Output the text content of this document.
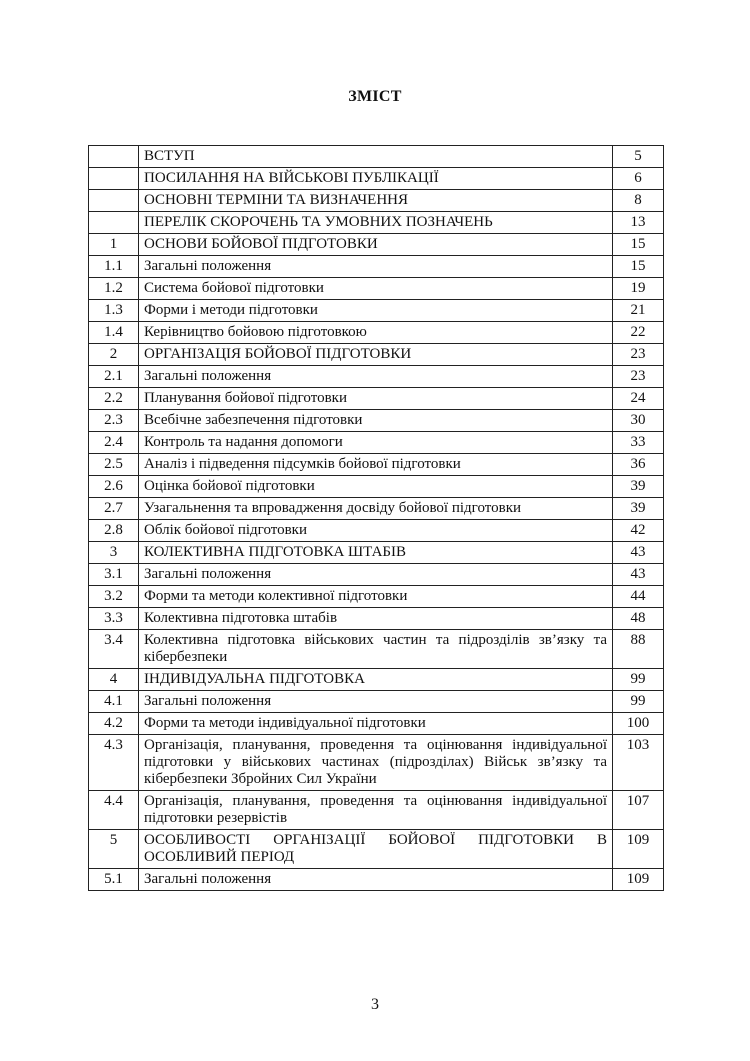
ЗМІСТ
	ВСТУП	5
	ПОСИЛАННЯ НА ВІЙСЬКОВІ ПУБЛІКАЦІЇ	6
	ОСНОВНІ ТЕРМІНИ ТА ВИЗНАЧЕННЯ	8
	ПЕРЕЛІК СКОРОЧЕНЬ ТА УМОВНИХ ПОЗНАЧЕНЬ	13
1	ОСНОВИ БОЙОВОЇ ПІДГОТОВКИ	15
1.1	Загальні положення	15
1.2	Система бойової підготовки	19
1.3	Форми і методи підготовки	21
1.4	Керівництво бойовою підготовкою	22
2	ОРГАНІЗАЦІЯ БОЙОВОЇ ПІДГОТОВКИ	23
2.1	Загальні положення	23
2.2	Планування бойової підготовки	24
2.3	Всебічне забезпечення підготовки	30
2.4	Контроль та надання допомоги	33
2.5	Аналіз і підведення підсумків бойової підготовки	36
2.6	Оцінка бойової підготовки	39
2.7	Узагальнення та впровадження досвіду бойової підготовки	39
2.8	Облік бойової підготовки	42
3	КОЛЕКТИВНА ПІДГОТОВКА ШТАБІВ	43
3.1	Загальні положення	43
3.2	Форми та методи колективної підготовки	44
3.3	Колективна підготовка штабів	48
3.4	Колективна підготовка військових частин та підрозділів зв’язку та кібербезпеки	88
4	ІНДИВІДУАЛЬНА ПІДГОТОВКА	99
4.1	Загальні положення	99
4.2	Форми та методи індивідуальної підготовки	100
4.3	Організація, планування, проведення та оцінювання індивідуальної підготовки у військових частинах (підрозділах) Військ зв’язку та кібербезпеки Збройних Сил України	103
4.4	Організація, планування, проведення та оцінювання індивідуальної підготовки резервістів	107
5	ОСОБЛИВОСТІ ОРГАНІЗАЦІЇ БОЙОВОЇ ПІДГОТОВКИ В ОСОБЛИВИЙ ПЕРІОД	109
5.1	Загальні положення	109
3
